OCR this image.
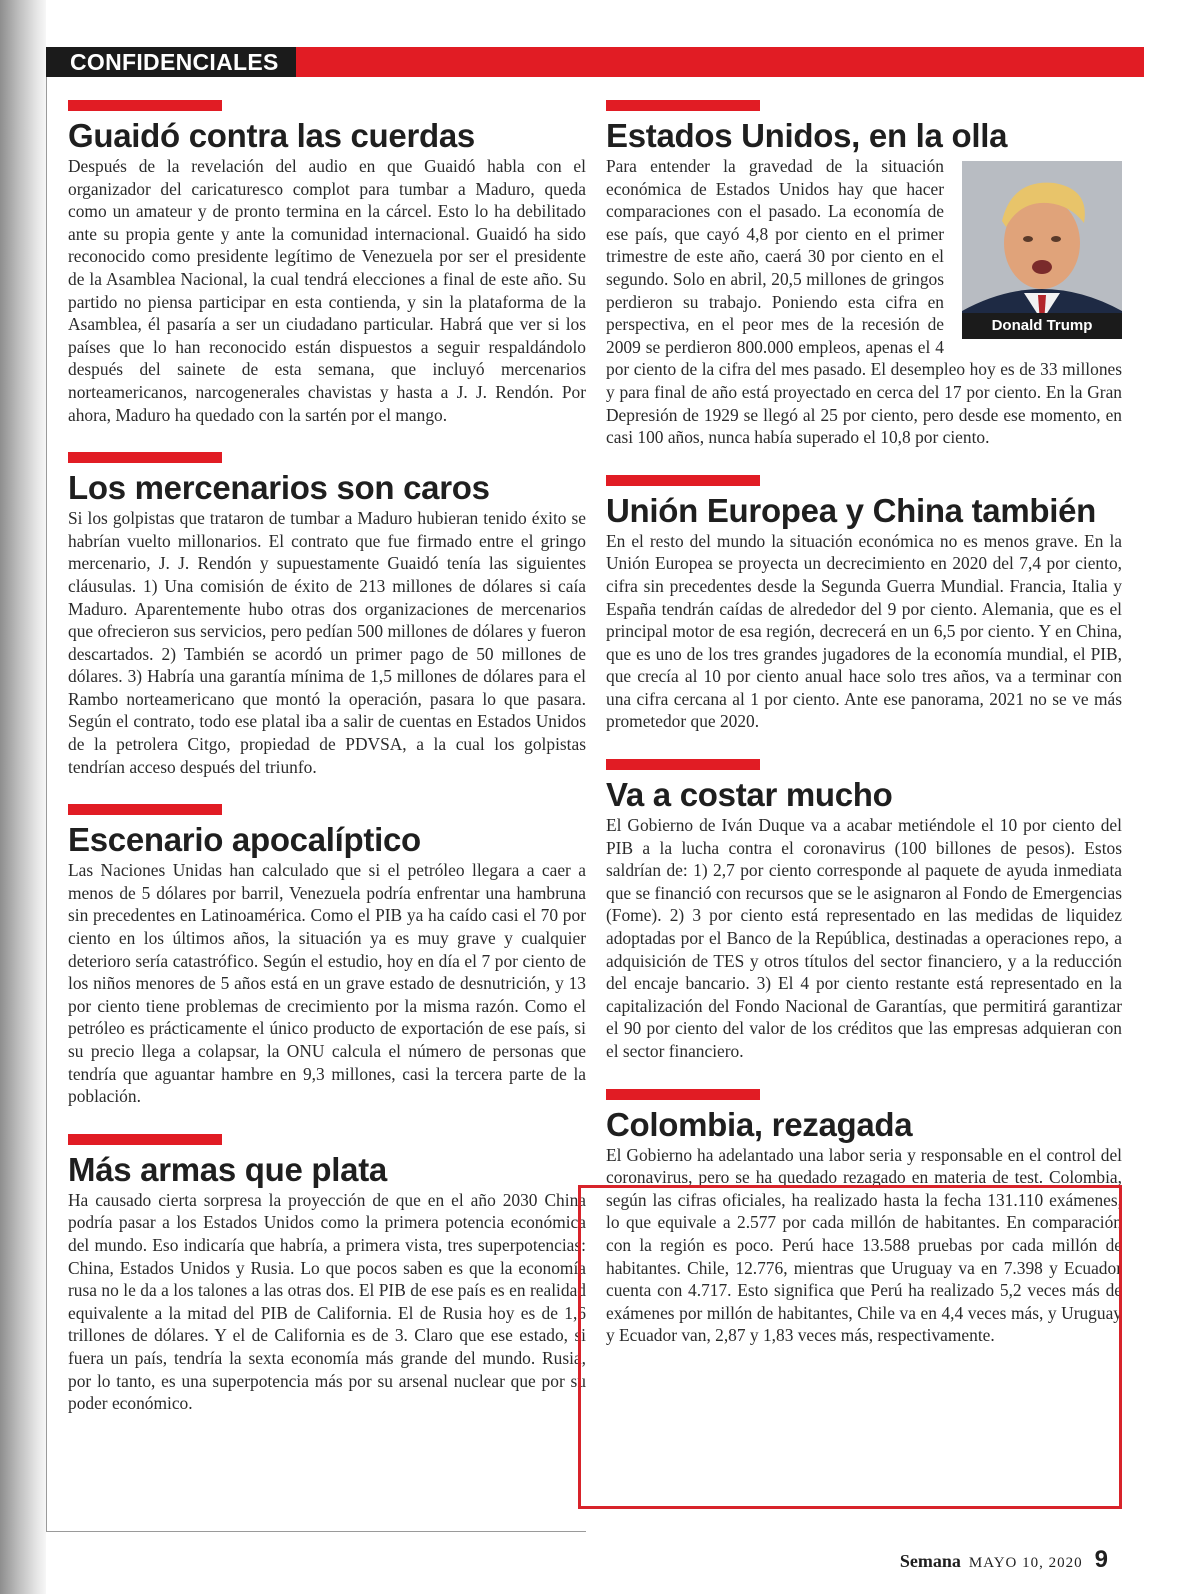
CONFIDENCIALES
Guaidó contra las cuerdas

Después de la revelación del audio en que Guaidó habla con el organizador del caricaturesco complot para tumbar a Maduro, queda como un amateur y de pronto termina en la cárcel. Esto lo ha debilitado ante su propia gente y ante la comunidad internacional. Guaidó ha sido reconocido como presidente legítimo de Venezuela por ser el presidente de la Asamblea Nacional, la cual tendrá elecciones a final de este año. Su partido no piensa participar en esta contienda, y sin la plataforma de la Asamblea, él pasaría a ser un ciudadano particular. Habrá que ver si los países que lo han reconocido están dispuestos a seguir respaldándolo después del sainete de esta semana, que incluyó mercenarios norteamericanos, narcogenerales chavistas y hasta a J. J. Rendón. Por ahora, Maduro ha quedado con la sartén por el mango.

Los mercenarios son caros

Si los golpistas que trataron de tumbar a Maduro hubieran tenido éxito se habrían vuelto millonarios. El contrato que fue firmado entre el gringo mercenario, J. J. Rendón y supuestamente Guaidó tenía las siguientes cláusulas. 1) Una comisión de éxito de 213 millones de dólares si caía Maduro. Aparentemente hubo otras dos organizaciones de mercenarios que ofrecieron sus servicios, pero pedían 500 millones de dólares y fueron descartados. 2) También se acordó un primer pago de 50 millones de dólares. 3) Habría una garantía mínima de 1,5 millones de dólares para el Rambo norteamericano que montó la operación, pasara lo que pasara. Según el contrato, todo ese platal iba a salir de cuentas en Estados Unidos de la petrolera Citgo, propiedad de PDVSA, a la cual los golpistas tendrían acceso después del triunfo.

Escenario apocalíptico

Las Naciones Unidas han calculado que si el petróleo llegara a caer a menos de 5 dólares por barril, Venezuela podría enfrentar una hambruna sin precedentes en Latinoamérica. Como el PIB ya ha caído casi el 70 por ciento en los últimos años, la situación ya es muy grave y cualquier deterioro sería catastrófico. Según el estudio, hoy en día el 7 por ciento de los niños menores de 5 años está en un grave estado de desnutrición, y 13 por ciento tiene problemas de crecimiento por la misma razón. Como el petróleo es prácticamente el único producto de exportación de ese país, si su precio llega a colapsar, la ONU calcula el número de personas que tendría que aguantar hambre en 9,3 millones, casi la tercera parte de la población.

Más armas que plata

Ha causado cierta sorpresa la proyección de que en el año 2030 China podría pasar a los Estados Unidos como la primera potencia económica del mundo. Eso indicaría que habría, a primera vista, tres superpotencias: China, Estados Unidos y Rusia. Lo que pocos saben es que la economía rusa no le da a los talones a las otras dos. El PIB de ese país es en realidad equivalente a la mitad del PIB de California. El de Rusia hoy es de 1,6 trillones de dólares. Y el de California es de 3. Claro que ese estado, si fuera un país, tendría la sexta economía más grande del mundo. Rusia, por lo tanto, es una superpotencia más por su arsenal nuclear que por su poder económico.

Estados Unidos, en la olla
Donald Trump

Para entender la gravedad de la situación económica de Estados Unidos hay que hacer comparaciones con el pasado. La economía de ese país, que cayó 4,8 por ciento en el primer trimestre de este año, caerá 30 por ciento en el segundo. Solo en abril, 20,5 millones de gringos perdieron su trabajo. Poniendo esta cifra en perspectiva, en el peor mes de la recesión de 2009 se perdieron 800.000 empleos, apenas el 4 por ciento de la cifra del mes pasado. El desempleo hoy es de 33 millones y para final de año está proyectado en cerca del 17 por ciento. En la Gran Depresión de 1929 se llegó al 25 por ciento, pero desde ese momento, en casi 100 años, nunca había superado el 10,8 por ciento.

Unión Europea y China también

En el resto del mundo la situación económica no es menos grave. En la Unión Europea se proyecta un decrecimiento en 2020 del 7,4 por ciento, cifra sin precedentes desde la Segunda Guerra Mundial. Francia, Italia y España tendrán caídas de alrededor del 9 por ciento. Alemania, que es el principal motor de esa región, decrecerá en un 6,5 por ciento. Y en China, que es uno de los tres grandes jugadores de la economía mundial, el PIB, que crecía al 10 por ciento anual hace solo tres años, va a terminar con una cifra cercana al 1 por ciento. Ante ese panorama, 2021 no se ve más prometedor que 2020.

Va a costar mucho

El Gobierno de Iván Duque va a acabar metiéndole el 10 por ciento del PIB a la lucha contra el coronavirus (100 billones de pesos). Estos saldrían de: 1) 2,7 por ciento corresponde al paquete de ayuda inmediata que se financió con recursos que se le asignaron al Fondo de Emergencias (Fome). 2) 3 por ciento está representado en las medidas de liquidez adoptadas por el Banco de la República, destinadas a operaciones repo, a adquisición de TES y otros títulos del sector financiero, y a la reducción del encaje bancario. 3) El 4 por ciento restante está representado en la capitalización del Fondo Nacional de Garantías, que permitirá garantizar el 90 por ciento del valor de los créditos que las empresas adquieran con el sector financiero.

Colombia, rezagada

El Gobierno ha adelantado una labor seria y responsable en el control del coronavirus, pero se ha quedado rezagado en materia de test. Colombia, según las cifras oficiales, ha realizado hasta la fecha 131.110 exámenes, lo que equivale a 2.577 por cada millón de habitantes. En comparación con la región es poco. Perú hace 13.588 pruebas por cada millón de habitantes. Chile, 12.776, mientras que Uruguay va en 7.398 y Ecuador cuenta con 4.717. Esto significa que Perú ha realizado 5,2 veces más de exámenes por millón de habitantes, Chile va en 4,4 veces más, y Uruguay y Ecuador van, 2,87 y 1,83 veces más, respectivamente.

Semana MAYO 10, 2020 9
